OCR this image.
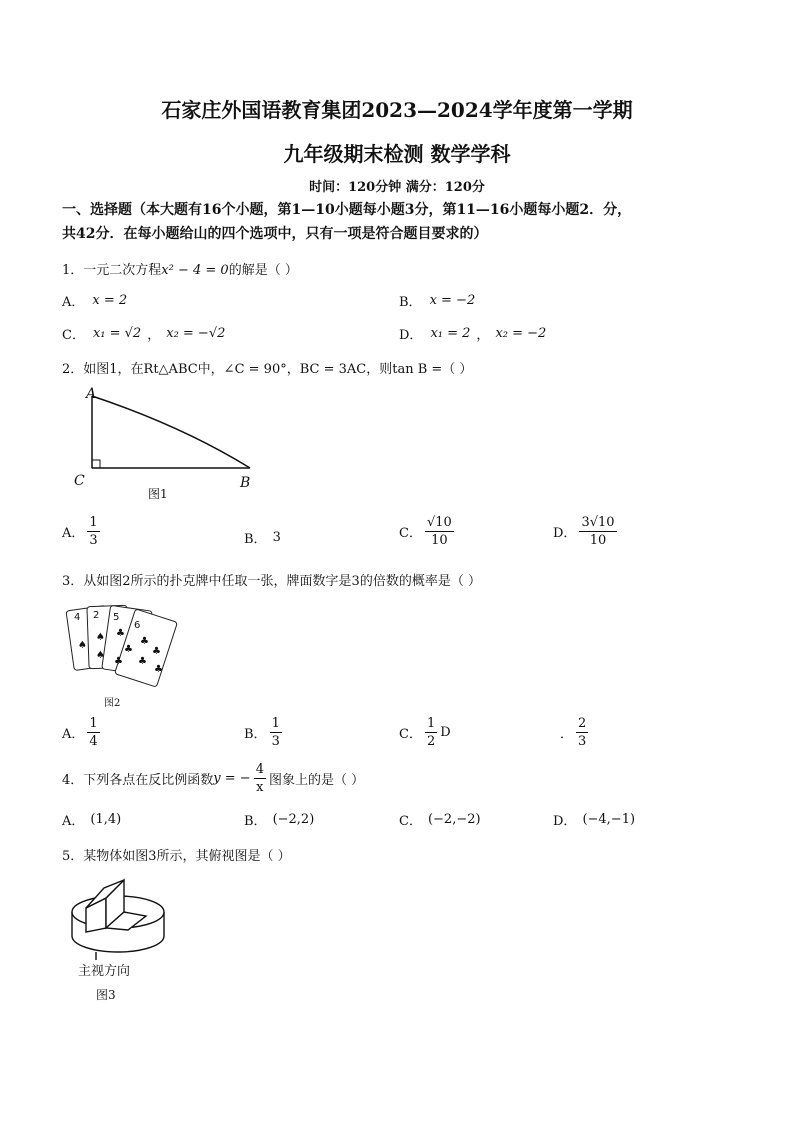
石家庄外国语教育集团2023—2024学年度第一学期
九年级期末检测 数学学科
时间：120分钟 满分：120分
一、选择题（本大题有16个小题，第1—10小题每小题3分，第11—16小题每小题2．分，
共42分．在每小题给山的四个选项中，只有一项是符合题目要求的）
1．一元二次方程x² − 4 = 0的解是（ ）
A． x = 2	B． x = −2
C． x₁ = √2 ， x₂ = −√2	D． x₁ = 2 ， x₂ = −2
2．如图1，在Rt△ABC中，∠C = 90°，BC = 3AC，则tan B =（ ）
A
C	B
图1
A． $\frac{1}{3}$	B． 3	C． $\frac{√10}{10}$	D． $\frac{3√10}{10}$
3．从如图2所示的扑克牌中任取一张，牌面数字是3的倍数的概率是（ ）
4 2 5
6
♠
♠
♣
♣
♣
♣
♣
♣
♣
♠
图2
A． $\frac{1}{4}$	B． $\frac{1}{3}$	C． $\frac{1}{2}$ D	． $\frac{2}{3}$
4．下列各点在反比例函数 y = − $\frac{4}{x}$ 图象上的是（ ）
A． (1,4)	B． (−2,2)	C． (−2,−2)	D． (−4,−1)
5．某物体如图3所示，其俯视图是（ ）
主视方向
图3
